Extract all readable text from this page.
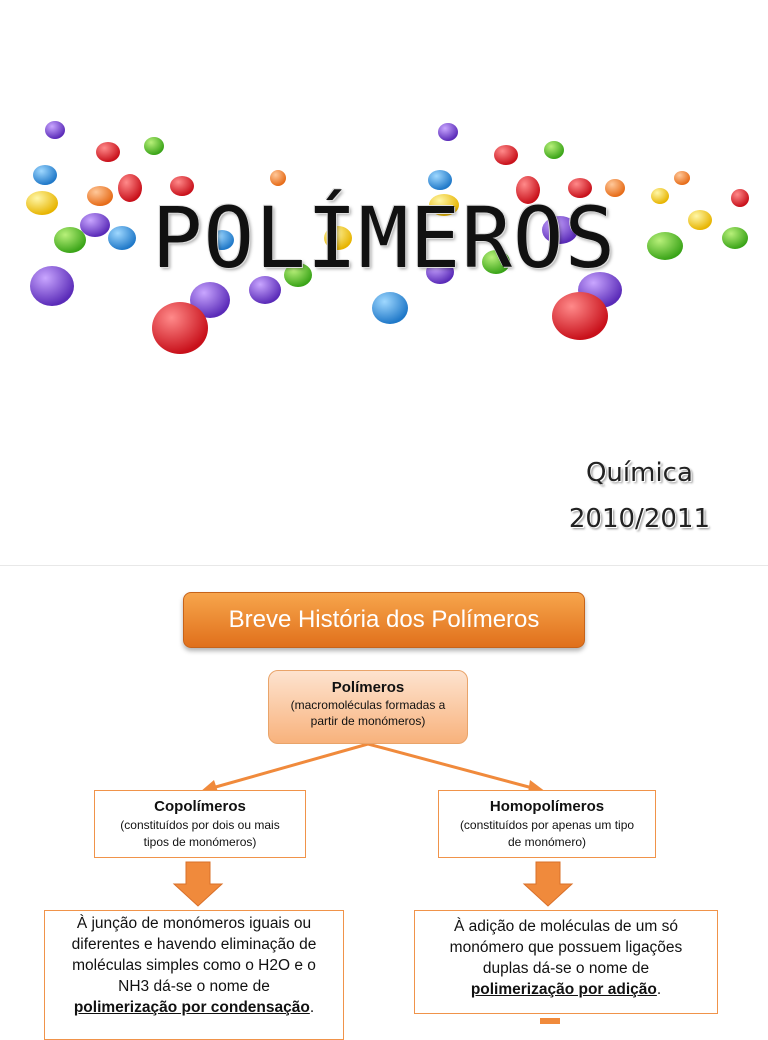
POLÍMEROS
Química
2010/2011
Breve História dos Polímeros
Polímeros
(macromoléculas formadas a
partir de monómeros)
Copolímeros
(constituídos por dois ou mais
tipos de monómeros)
Homopolímeros
(constituídos por apenas um tipo
de monómero)
À junção de monómeros iguais ou
diferentes e havendo eliminação de
moléculas simples como o H2O e o
NH3 dá-se o nome de
polimerização por condensação.
À adição de moléculas de um só
monómero que possuem ligações
duplas dá-se o nome de
polimerização por adição.
